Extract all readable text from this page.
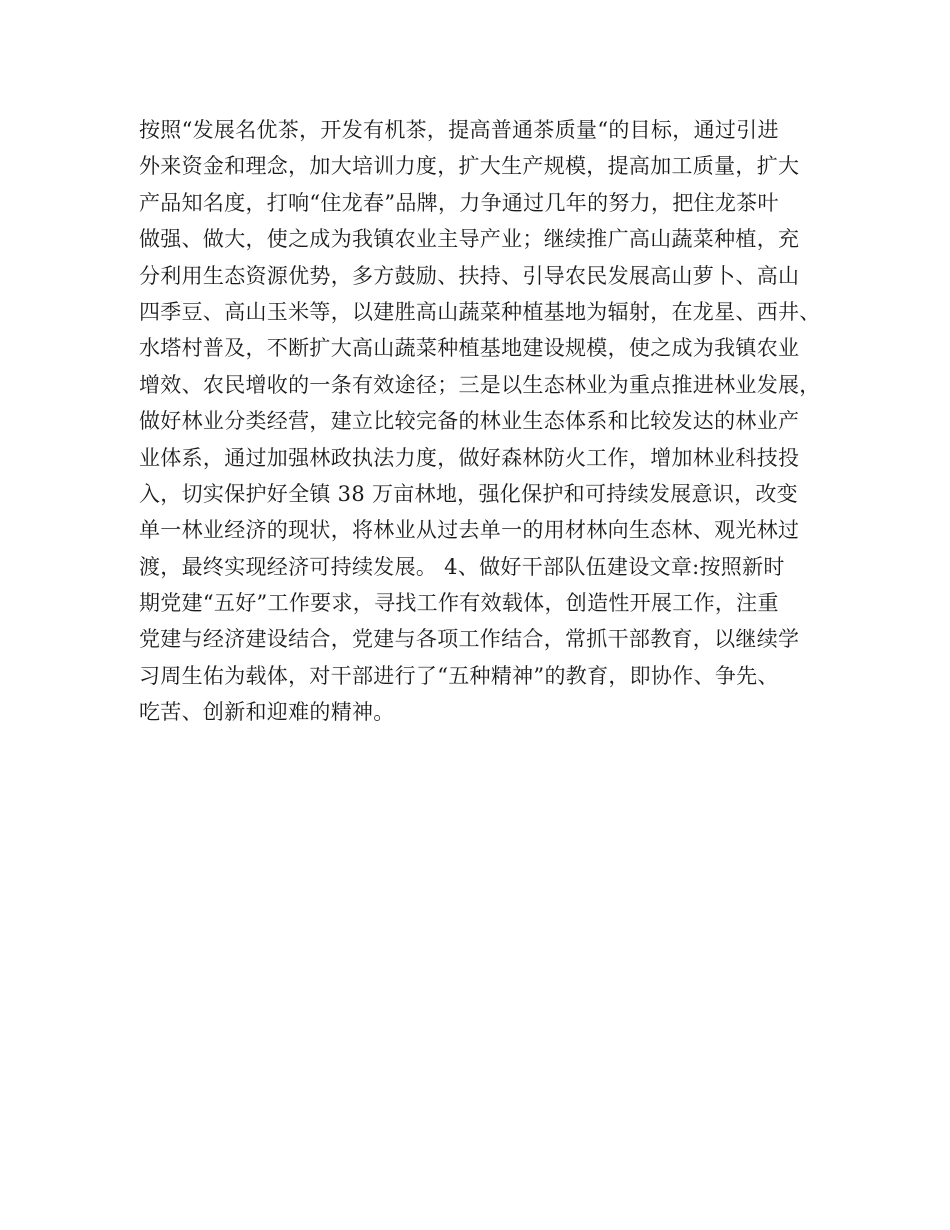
按照“发展名优茶，开发有机茶，提高普通茶质量“的目标，通过引进
外来资金和理念，加大培训力度，扩大生产规模，提高加工质量，扩大
产品知名度，打响“住龙春”品牌，力争通过几年的努力，把住龙茶叶
做强、做大，使之成为我镇农业主导产业；继续推广高山蔬菜种植，充
分利用生态资源优势，多方鼓励、扶持、引导农民发展高山萝卜、高山
四季豆、高山玉米等，以建胜高山蔬菜种植基地为辐射，在龙星、西井、
水塔村普及，不断扩大高山蔬菜种植基地建设规模，使之成为我镇农业
增效、农民增收的一条有效途径；三是以生态林业为重点推进林业发展，
做好林业分类经营，建立比较完备的林业生态体系和比较发达的林业产
业体系，通过加强林政执法力度，做好森林防火工作，增加林业科技投
入，切实保护好全镇 38 万亩林地，强化保护和可持续发展意识，改变
单一林业经济的现状，将林业从过去单一的用材林向生态林、观光林过
渡，最终实现经济可持续发展。 4、做好干部队伍建设文章:按照新时
期党建“五好”工作要求，寻找工作有效载体，创造性开展工作，注重
党建与经济建设结合，党建与各项工作结合，常抓干部教育，以继续学
习周生佑为载体，对干部进行了“五种精神”的教育，即协作、争先、
吃苦、创新和迎难的精神。
